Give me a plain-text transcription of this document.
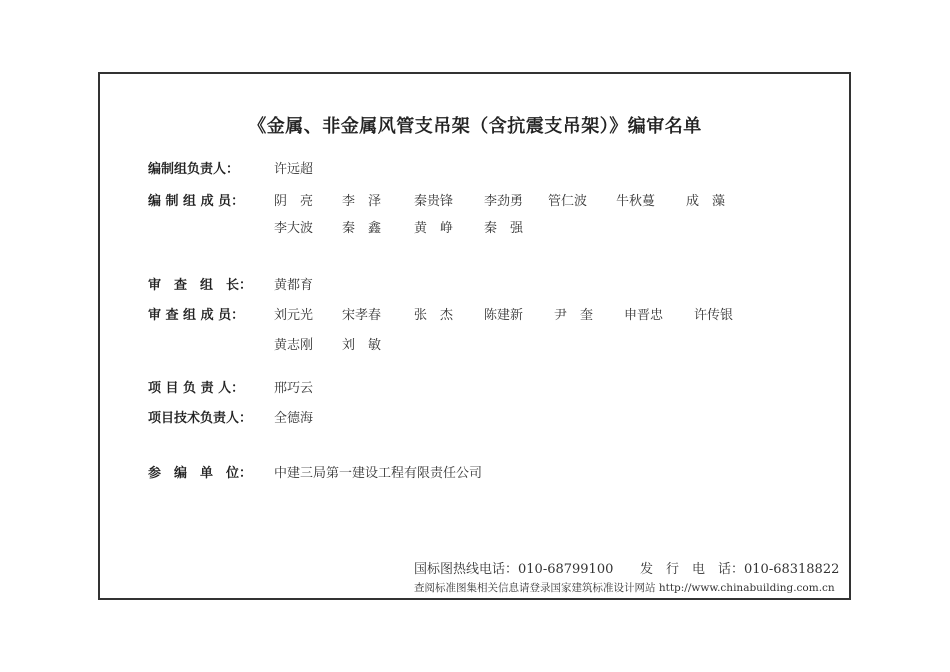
《金属、非金属风管支吊架（含抗震支吊架）》编审名单
编制组负责人：	许远超
编 制 组 成 员： 阴　亮 李　泽	秦贵锋 李劲勇 管仁波 牛秋蔓 成　藻
李大波 秦　鑫	黄　峥 秦　强
审　查　组　长： 黄都育
审 查 组 成 员： 刘元光 宋孝春	张　杰 陈建新 尹　奎 申晋忠 许传银
黄志刚 刘　敏
项 目 负 责 人： 邢巧云
项目技术负责人： 全德海
参　编　单　位： 中建三局第一建设工程有限责任公司
国标图热线电话：010-68799100 发　行　电　话：010-68318822
查阅标准图集相关信息请登录国家建筑标准设计网站 http://www.chinabuilding.com.cn
